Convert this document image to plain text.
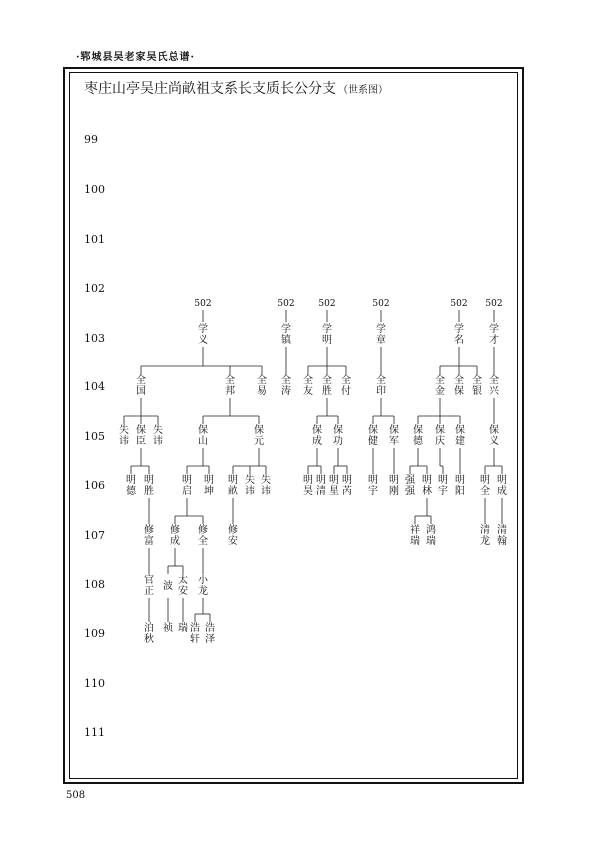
·郓城县吴老家吴氏总谱·
枣庄山亭吴庄尚畝祖支系长支质长公分支 （世系图）
99
100
101
102
103
104
105
106
107
108
109
110
111
502
学义
502
学镇
502
学明
502
学章
502
学名
502
学才
全国
全邦
全易
全涛
全友
全胜
全付
全印
全金
全保
全银
全兴
失讳
保臣
失讳
保山
保元
保成
保功
保健
保军
保德
保庆
保建
保义
明德
明胜
明启
明坤
明畝
失讳
失讳
明昊
明清
明星
明芮
明宇
明刚
强强
明林
明宇
明阳
明全
明成
修富
修成
修全
修安
祥瑞
鸿瑞
清龙
清翰
官正 波
太安
小龙
泊秋
祯 瑞 浩轩
浩泽
508
